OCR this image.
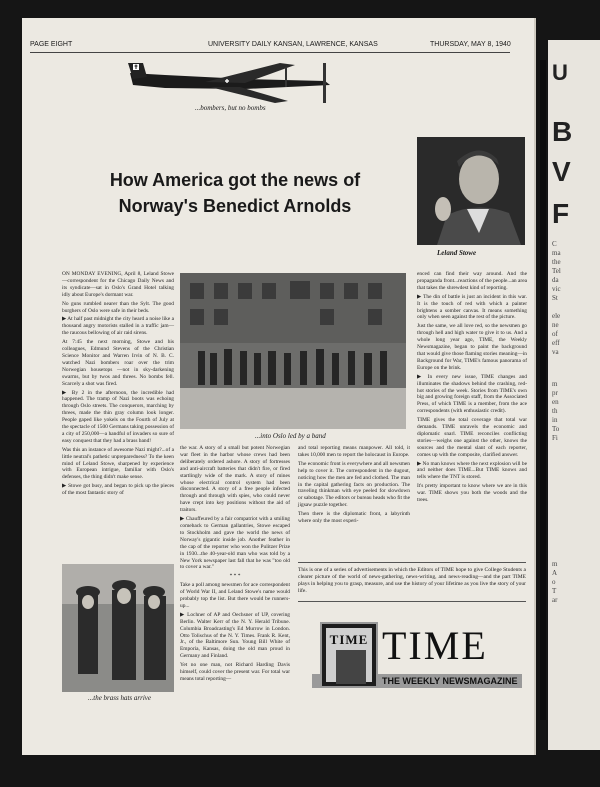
U
B
V
F
C
ma
the
Tel
da
vic
St

ele
ne
of
eff
va
m
pr
en
th
in
To
Fi
m
A
o
T
ar
PAGE EIGHT	UNIVERSITY DAILY KANSAN, LAWRENCE, KANSAS	THURSDAY, MAY 8, 1940
...bombers, but no bombs
How America got the news of
Norway's Benedict Arnolds
Leland Stowe

ON MONDAY EVENING, April 8, Leland Stowe—correspondent for the Chicago Daily News and its syndicate—sat in Oslo's Grand Hotel talking idly about Europe's dormant war.

No guns rumbled nearer than the Sylt. The good burghers of Oslo were safe in their beds.

▶ At half past midnight the city heard a noise like a thousand angry motorists stalled in a traffic jam—the raucous bellowing of air raid sirens.

At 7:45 the next morning, Stowe and his colleagues, Edmund Stevens of the Christian Science Monitor and Warren Irvin of N. B. C. watched Nazi bombers roar over the trim Norwegian housetops —not in sky-darkening swarms, but by twos and threes. No bombs fell. Scarcely a shot was fired.

▶ By 2 in the afternoon, the incredible had happened. The tramp of Nazi boots was echoing through Oslo streets. The conquerors, marching by threes, made the thin gray column look longer. People gaped like yokels on the Fourth of July at the spectacle of 1500 Germans taking possession of a city of 250,000—a handful of invaders so sure of easy conquest that they had a brass band!

Was this an instance of awesome Nazi might?...of a little neutral's pathetic unpreparedness? To the keen mind of Leland Stowe, sharpened by experience with European intrigue, familiar with Oslo's defenses, the thing didn't make sense.

▶ Stowe got busy, and began to pick up the pieces of the most fantastic story of

...into Oslo led by a band
...the brass hats arrive

the war. A story of a small but potent Norwegian war fleet in the harbor whose crews had been deliberately ordered ashore. A story of fortresses and anti-aircraft batteries that didn't fire, or fired startlingly wide of the mark. A story of mines whose electrical control system had been disconnected. A story of a free people infected through and through with spies, who could never have crept into key positions without the aid of traitors.

▶ Chauffeured by a fair compatriot with a smiling comeback to German gallantries, Stowe escaped to Stockholm and gave the world the news of Norway's gigantic inside job. Another feather in the cap of the reporter who won the Pulitzer Prize in 1930...the 40-year-old man who was told by a New York newspaper last fall that he was "too old to cover a war."

* * *

Take a poll among newsmen for ace correspondent of World War II, and Leland Stowe's name would probably top the list. But there would be runners-up...

▶ Lochner of AP and Oechsner of UP, covering Berlin. Walter Kerr of the N. Y. Herald Tribune. Columbia Broadcasting's Ed Murrow in London. Otto Tolischus of the N. Y. Times. Frank R. Kent, Jr., of the Baltimore Sun. Young Bill White of Emporia, Kansas, doing the old man proud in Germany and Finland.

Yet no one man, not Richard Harding Davis himself, could cover the present war. For total war means total reporting—

and total reporting means manpower. All told, it takes 10,000 men to report the holocaust in Europe.

The economic front is everywhere and all newsmen help to cover it. The correspondent in the dugout, noticing how the men are fed and clothed. The man in the capital gathering facts on production. The traveling thinkman with eye peeled for slowdown or sabotage. The editors or bureau heads who fit the jigsaw puzzle together.

Then there is the diplomatic front, a labyrinth where only the most experi-

enced can find their way around. And the propaganda front...reactions of the people...an area that takes the shrewdest kind of reporting.

▶ The din of battle is just an incident in this war. It is the touch of red with which a painter brightens a somber canvas. It means something only when seen against the rest of the picture.

Just the same, we all love red, so the newsmen go through hell and high water to give it to us. And a whole long year ago, TIME, the Weekly Newsmagazine, began to paint the background that would give those flaming stories meaning—in Background for War, TIME's famous panorama of Europe on the brink.

▶ In every new issue, TIME changes and illuminates the shadows behind the crashing, red-hot stories of the week. Stories from TIME's own big and growing foreign staff, from the Associated Press, of which TIME is a member, from the ace correspondents (with enthusiastic credit).

TIME gives the total coverage that total war demands. TIME unravels the economic and diplomatic snarl. TIME reconciles conflicting stories—weighs one against the other, knows the sources and the mental slant of each reporter, comes up with the composite, clarified answer.

▶ No man knows where the next explosion will be and neither does TIME...But TIME knows and tells where the TNT is stored.

It's pretty important to know where we are in this war. TIME shows you both the woods and the trees.

This is one of a series of advertisements in which the Editors of TIME hope to give College Students a clearer picture of the world of news-gathering, news-writing, and news-reading—and the part TIME plays in helping you to grasp, measure, and use the history of your lifetime as you live the story of your life.
THE WEEKLY NEWSMAGAZINE
TIME TIME
